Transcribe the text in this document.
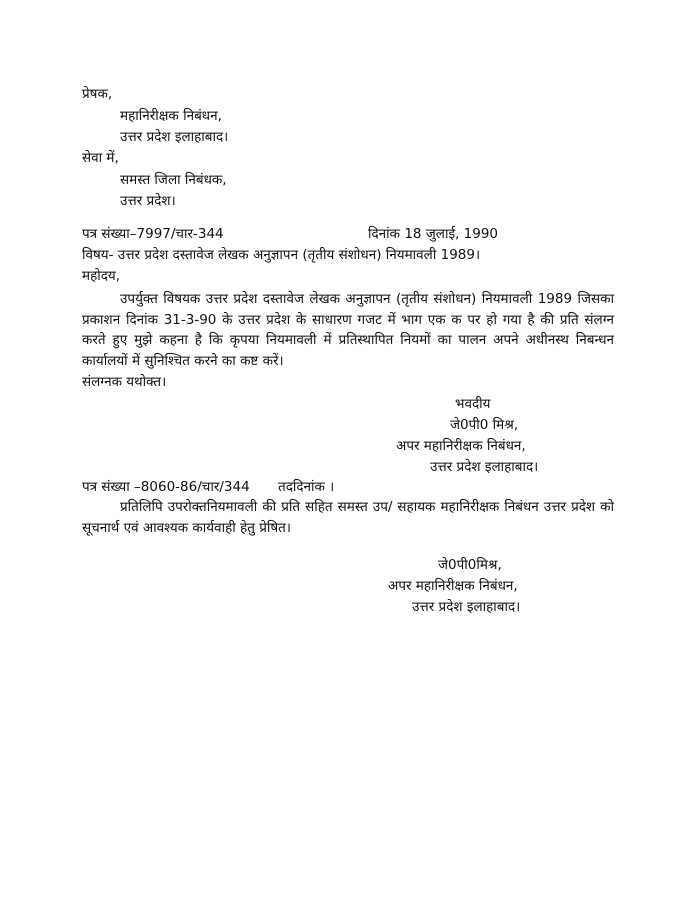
प्रेषक,
महानिरीक्षक निबंधन,
उत्तर प्रदेश इलाहाबाद।
सेवा में,
समस्त जिला निबंधक,
उत्तर प्रदेश।
पत्र संख्या–7997/चार-344	दिनांक 18 जुलाई, 1990
विषय- उत्तर प्रदेश दस्तावेज लेखक अनुज्ञापन (तृतीय संशोधन) नियमावली 1989।
महोदय,

उपर्युक्त विषयक उत्तर प्रदेश दस्तावेज लेखक अनुज्ञापन (तृतीय संशोधन) नियमावली 1989 जिसका प्रकाशन दिनांक 31-3-90 के उत्तर प्रदेश के साधारण गजट में भाग एक क पर हो गया है की प्रति संलग्न करते हुए मुझे कहना है कि कृपया नियमावली में प्रतिस्थापित नियमों का पालन अपने अधीनस्थ निबन्धन कार्यालयों में सुनिश्चित करने का कष्ट करें।

संलग्नक यथोक्त।
भवदीय
जे0पी0 मिश्र,
अपर महानिरीक्षक निबंधन,
उत्तर प्रदेश इलाहाबाद।
पत्र संख्या –8060-86/चार/344 तददिनांक ।

प्रतिलिपि उपरोक्तनियमावली की प्रति सहित समस्त उप/ सहायक महानिरीक्षक निबंधन उत्तर प्रदेश को सूचनार्थ एवं आवश्यक कार्यवाही हेतु प्रेषित।

जे0पी0मिश्र,
अपर महानिरीक्षक निबंधन,
उत्तर प्रदेश इलाहाबाद।
